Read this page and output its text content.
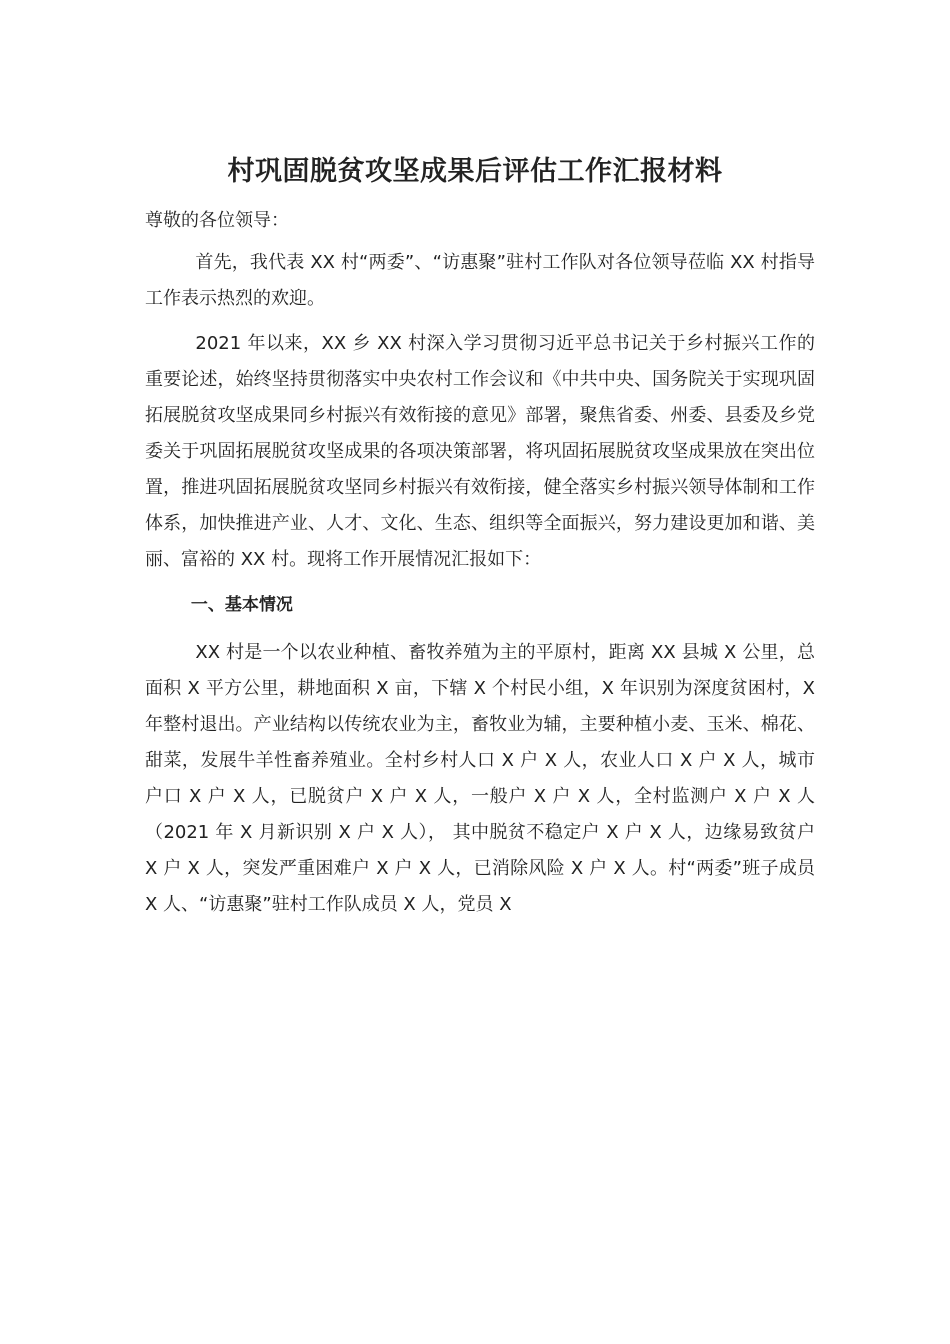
村巩固脱贫攻坚成果后评估工作汇报材料

尊敬的各位领导：

首先，我代表 XX 村“两委”、“访惠聚”驻村工作队对各位领导莅临 XX 村指导工作表示热烈的欢迎。

2021 年以来，XX 乡 XX 村深入学习贯彻习近平总书记关于乡村振兴工作的重要论述，始终坚持贯彻落实中央农村工作会议和《中共中央、国务院关于实现巩固拓展脱贫攻坚成果同乡村振兴有效衔接的意见》部署，聚焦省委、州委、县委及乡党委关于巩固拓展脱贫攻坚成果的各项决策部署，将巩固拓展脱贫攻坚成果放在突出位置，推进巩固拓展脱贫攻坚同乡村振兴有效衔接，健全落实乡村振兴领导体制和工作体系，加快推进产业、人才、文化、生态、组织等全面振兴，努力建设更加和谐、美丽、富裕的 XX 村。现将工作开展情况汇报如下：

一、基本情况

XX 村是一个以农业种植、畜牧养殖为主的平原村，距离 XX 县城 X 公里，总面积 X 平方公里，耕地面积 X 亩，下辖 X 个村民小组，X 年识别为深度贫困村，X 年整村退出。产业结构以传统农业为主，畜牧业为辅，主要种植小麦、玉米、棉花、甜菜，发展牛羊性畜养殖业。全村乡村人口 X 户 X 人，农业人口 X 户 X 人，城市户口 X 户 X 人，已脱贫户 X 户 X 人，一般户 X 户 X 人，全村监测户 X 户 X 人（2021 年 X 月新识别 X 户 X 人）， 其中脱贫不稳定户 X 户 X 人，边缘易致贫户 X 户 X 人，突发严重困难户 X 户 X 人，已消除风险 X 户 X 人。村“两委”班子成员 X 人、“访惠聚”驻村工作队成员 X 人，党员 X
